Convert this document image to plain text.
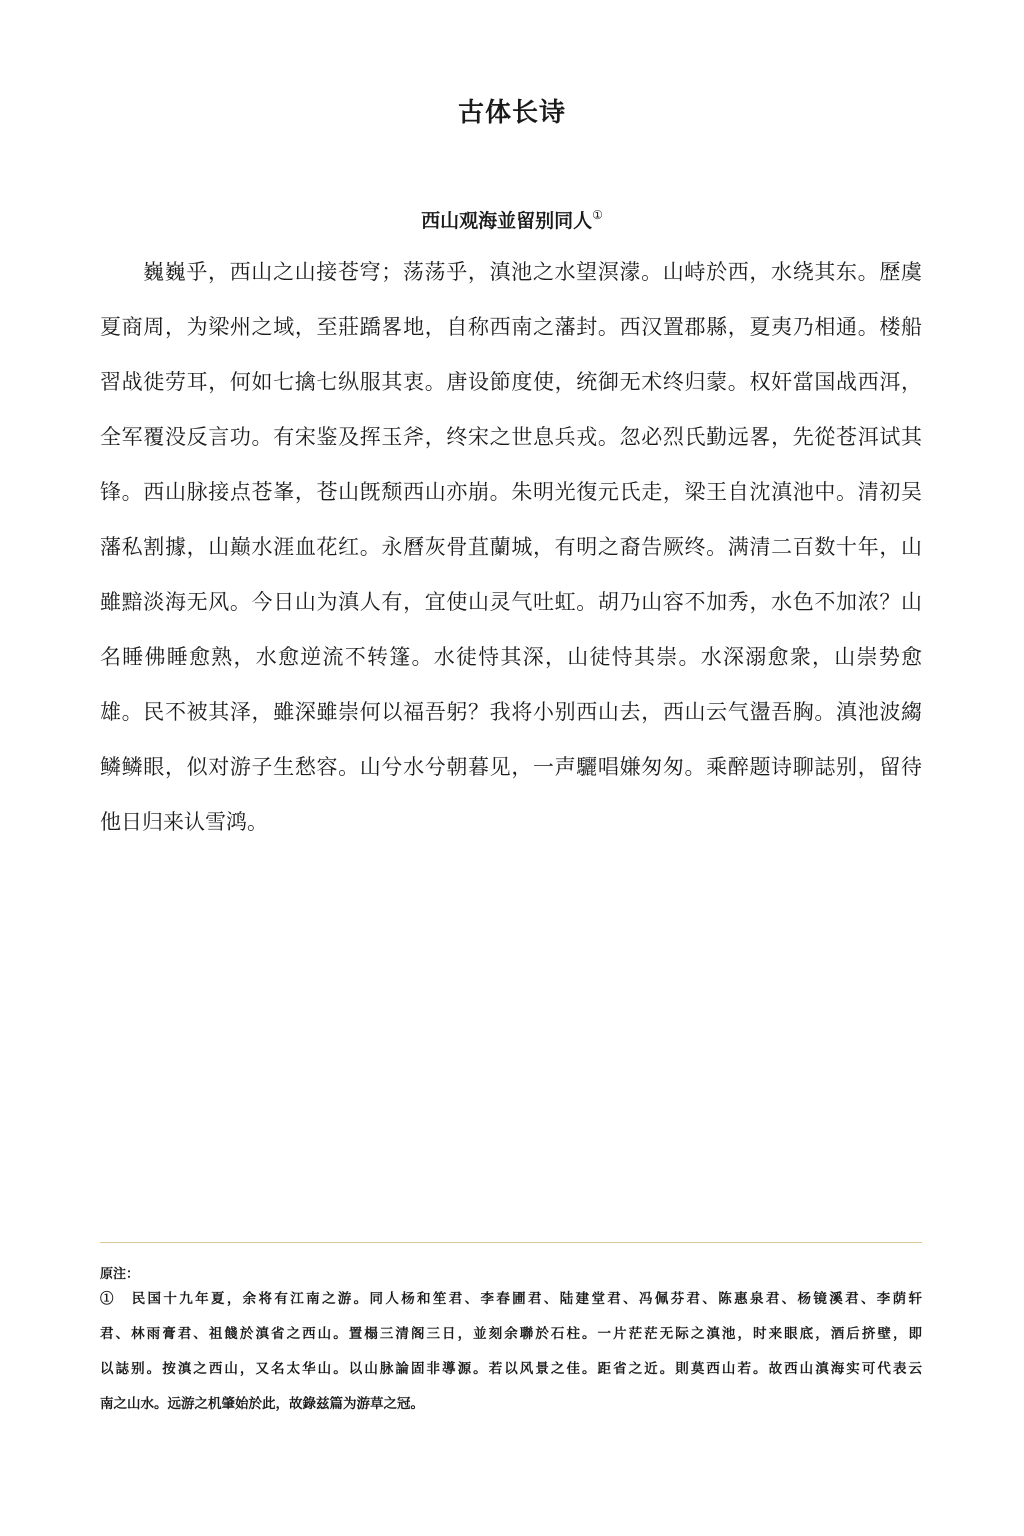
古体长诗
西山观海並留别同人①
巍巍乎，西山之山接苍穹；荡荡乎，滇池之水望溟濛。山峙於西，水绕其东。歷虞
夏商周，为梁州之域，至莊蹻畧地，自称西南之藩封。西汉置郡縣，夏夷乃相通。楼船
習战徙劳耳，何如七擒七纵服其衷。唐设節度使，统御无术终归蒙。权奸當国战西洱，
全军覆没反言功。有宋鉴及挥玉斧，终宋之世息兵戎。忽必烈氏勤远畧，先從苍洱试其
锋。西山脉接点苍峯，苍山旣颓西山亦崩。朱明光復元氏走，梁王自沈滇池中。清初吴
藩私割據，山巅水涯血花红。永曆灰骨苴蘭城，有明之裔告厥终。满清二百数十年，山
雖黯淡海无风。今日山为滇人有，宜使山灵气吐虹。胡乃山容不加秀，水色不加浓？山
名睡佛睡愈熟，水愈逆流不转篷。水徒恃其深，山徒恃其崇。水深溺愈衆，山崇势愈
雄。民不被其泽，雖深雖崇何以福吾躬？我将小别西山去，西山云气盪吾胸。滇池波縐
鳞鳞眼，似对游子生愁容。山兮水兮朝暮见，一声驪唱嫌匆匆。乘醉题诗聊誌别，留待
他日归来认雪鸿。
原注：
①　民国十九年夏，余将有江南之游。同人杨和笙君、李春圃君、陆建堂君、冯佩芬君、陈惠泉君、杨镜溪君、李荫轩
君、林雨膏君、祖餞於滇省之西山。置榻三清阁三日，並刻余聯於石柱。一片茫茫无际之滇池，时来眼底，酒后挤壁，即
以誌别。按滇之西山，又名太华山。以山脉論固非導源。若以风景之佳。距省之近。則莫西山若。故西山滇海实可代表云
南之山水。远游之机肇始於此，故錄兹篇为游草之冠。
